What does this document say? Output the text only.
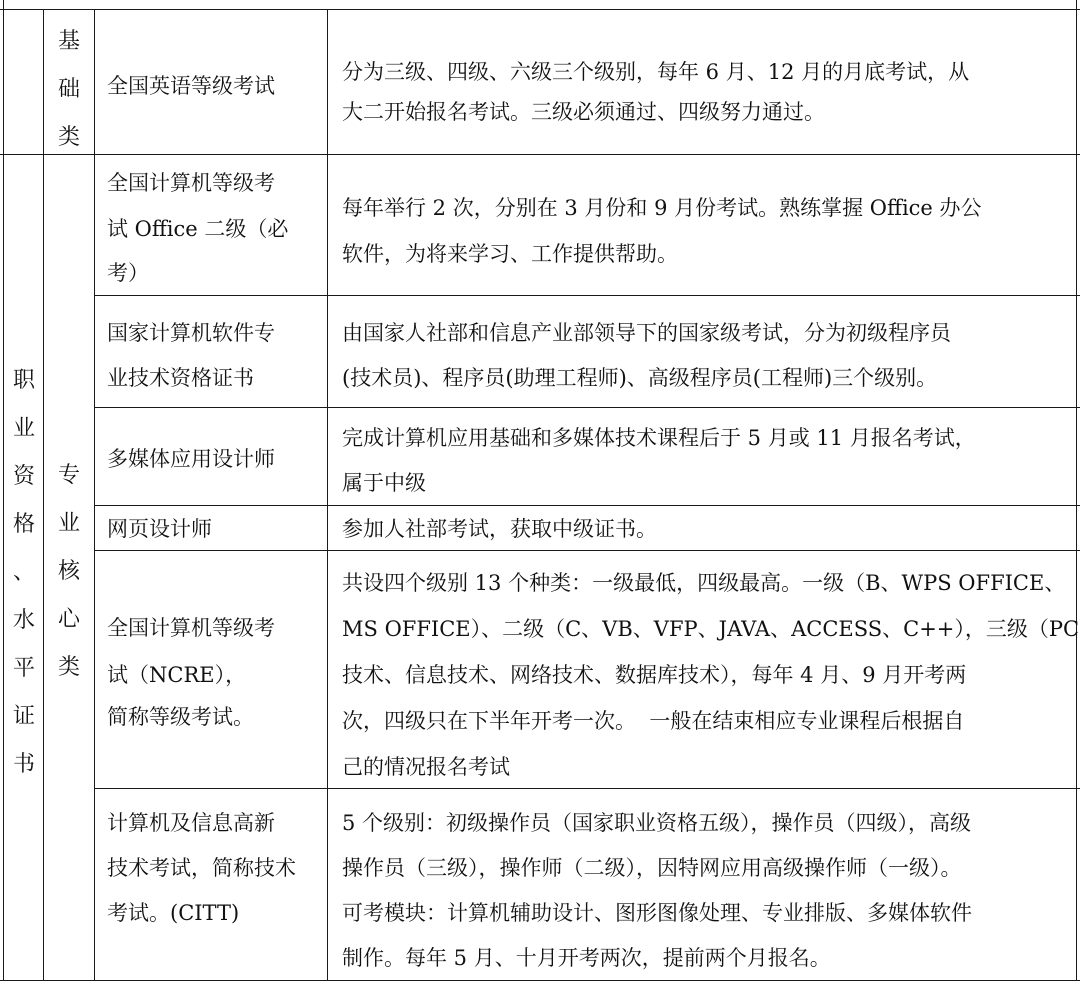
基
础
类

全国英语等级考试

分为三级、四级、六级三个级别，每年 6 月、12 月的月底考试，从

大二开始报名考试。三级必须通过、四级努力通过。

职
业
资
格
、
水
平
证
书
专
业
核
心
类

全国计算机等级考

试 Office 二级（必

考）

每年举行 2 次，分别在 3 月份和 9 月份考试。熟练掌握 Office 办公

软件，为将来学习、工作提供帮助。

国家计算机软件专

业技术资格证书

由国家人社部和信息产业部领导下的国家级考试，分为初级程序员

(技术员)、程序员(助理工程师)、高级程序员(工程师)三个级别。

多媒体应用设计师

完成计算机应用基础和多媒体技术课程后于 5 月或 11 月报名考试，

属于中级

网页设计师	参加人社部考试，获取中级证书。

全国计算机等级考

试（NCRE），

简称等级考试。

共设四个级别 13 个种类：一级最低，四级最高。一级（B、WPS OFFICE、

MS OFFICE）、二级（C、VB、VFP、JAVA、ACCESS、C++），三级（PC

技术、信息技术、网络技术、数据库技术），每年 4 月、9 月开考两

次，四级只在下半年开考一次。  一般在结束相应专业课程后根据自

己的情况报名考试

计算机及信息高新

技术考试，简称技术

考试。(CITT)

5 个级别：初级操作员（国家职业资格五级），操作员（四级），高级

操作员（三级），操作师（二级），因特网应用高级操作师（一级）。

可考模块：计算机辅助设计、图形图像处理、专业排版、多媒体软件

制作。每年 5 月、十月开考两次，提前两个月报名。
